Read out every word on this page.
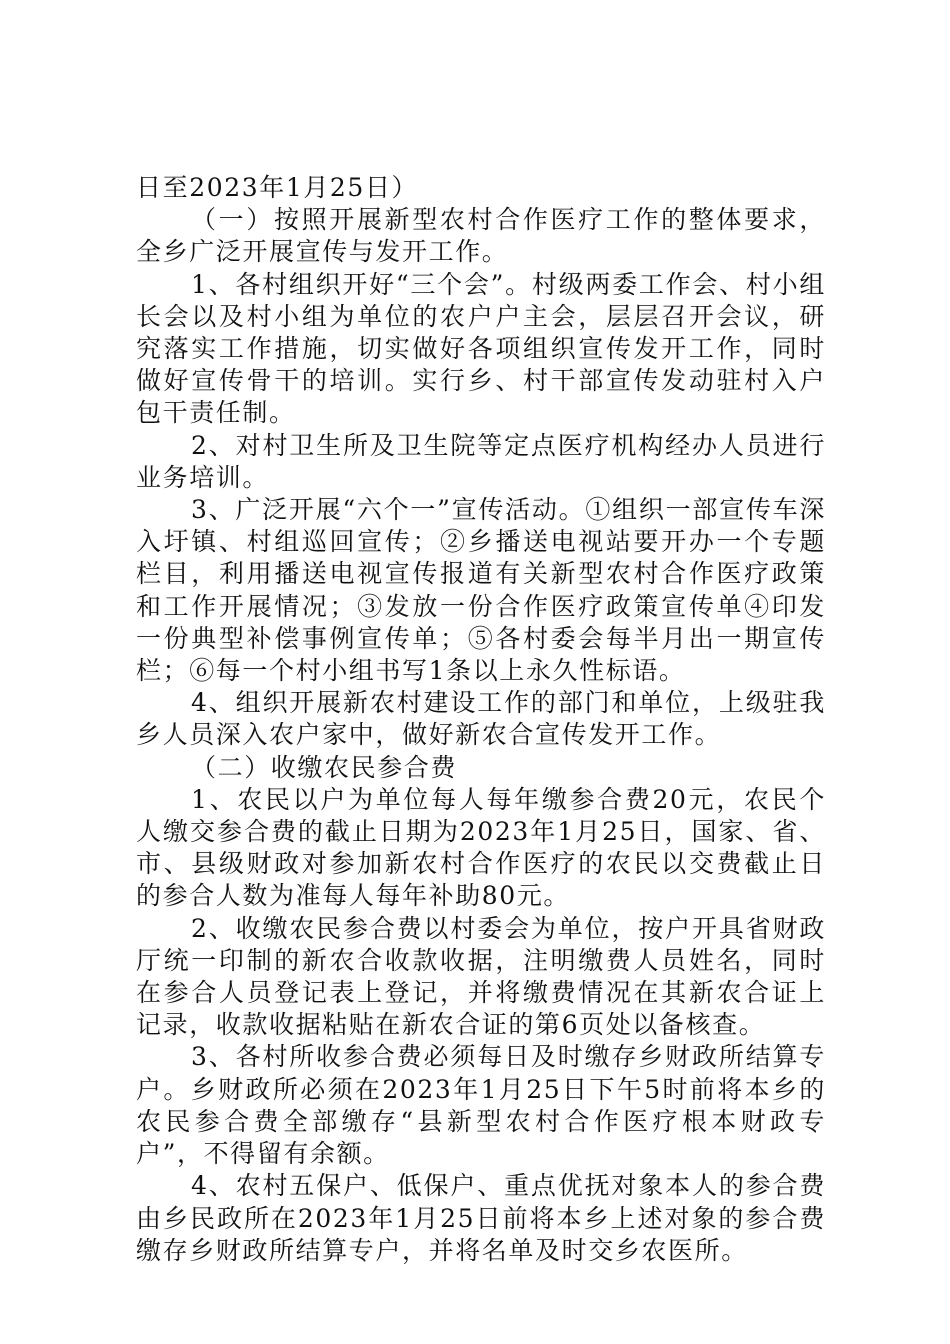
日至2023年1月25日）

（一）按照开展新型农村合作医疗工作的整体要求，全乡广泛开展宣传与发开工作。

1、各村组织开好“三个会”。村级两委工作会、村小组长会以及村小组为单位的农户户主会，层层召开会议，研究落实工作措施，切实做好各项组织宣传发开工作，同时做好宣传骨干的培训。实行乡、村干部宣传发动驻村入户包干责任制。

2、对村卫生所及卫生院等定点医疗机构经办人员进行业务培训。

3、广泛开展“六个一”宣传活动。①组织一部宣传车深入圩镇、村组巡回宣传；②乡播送电视站要开办一个专题栏目，利用播送电视宣传报道有关新型农村合作医疗政策和工作开展情况；③发放一份合作医疗政策宣传单④印发一份典型补偿事例宣传单；⑤各村委会每半月出一期宣传栏；⑥每一个村小组书写1条以上永久性标语。

4、组织开展新农村建设工作的部门和单位，上级驻我乡人员深入农户家中，做好新农合宣传发开工作。

（二）收缴农民参合费

1、农民以户为单位每人每年缴参合费20元，农民个人缴交参合费的截止日期为2023年1月25日，国家、省、市、县级财政对参加新农村合作医疗的农民以交费截止日的参合人数为准每人每年补助80元。

2、收缴农民参合费以村委会为单位，按户开具省财政厅统一印制的新农合收款收据，注明缴费人员姓名，同时在参合人员登记表上登记，并将缴费情况在其新农合证上记录，收款收据粘贴在新农合证的第6页处以备核查。

3、各村所收参合费必须每日及时缴存乡财政所结算专户。乡财政所必须在2023年1月25日下午5时前将本乡的农民参合费全部缴存“县新型农村合作医疗根本财政专户”，不得留有余额。

4、农村五保户、低保户、重点优抚对象本人的参合费由乡民政所在2023年1月25日前将本乡上述对象的参合费缴存乡财政所结算专户，并将名单及时交乡农医所。
